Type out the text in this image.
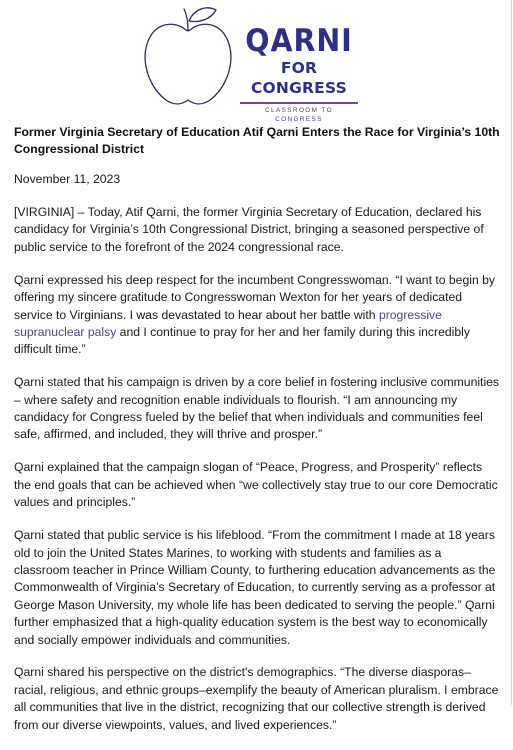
QARNI
FOR CONGRESS
CLASSROOM TO CONGRESS
Former Virginia Secretary of Education Atif Qarni Enters the Race for Virginia’s 10th Congressional District

November 11, 2023

[VIRGINIA] – Today, Atif Qarni, the former Virginia Secretary of Education, declared his candidacy for Virginia’s 10th Congressional District, bringing a seasoned perspective of public service to the forefront of the 2024 congressional race.

Qarni expressed his deep respect for the incumbent Congresswoman. “I want to begin by offering my sincere gratitude to Congresswoman Wexton for her years of dedicated service to Virginians. I was devastated to hear about her battle with progressive supranuclear palsy and I continue to pray for her and her family during this incredibly difficult time.”

Qarni stated that his campaign is driven by a core belief in fostering inclusive communities – where safety and recognition enable individuals to flourish. “I am announcing my candidacy for Congress fueled by the belief that when individuals and communities feel safe, affirmed, and included, they will thrive and prosper.”

Qarni explained that the campaign slogan of “Peace, Progress, and Prosperity” reflects the end goals that can be achieved when “we collectively stay true to our core Democratic values and principles.”

Qarni stated that public service is his lifeblood. “From the commitment I made at 18 years old to join the United States Marines, to working with students and families as a classroom teacher in Prince William County, to furthering education advancements as the Commonwealth of Virginia’s Secretary of Education, to currently serving as a professor at George Mason University, my whole life has been dedicated to serving the people.” Qarni further emphasized that a high-quality education system is the best way to economically and socially empower individuals and communities.

Qarni shared his perspective on the district's demographics. “The diverse diasporas–racial, religious, and ethnic groups–exemplify the beauty of American pluralism. I embrace all communities that live in the district, recognizing that our collective strength is derived from our diverse viewpoints, values, and lived experiences.”
